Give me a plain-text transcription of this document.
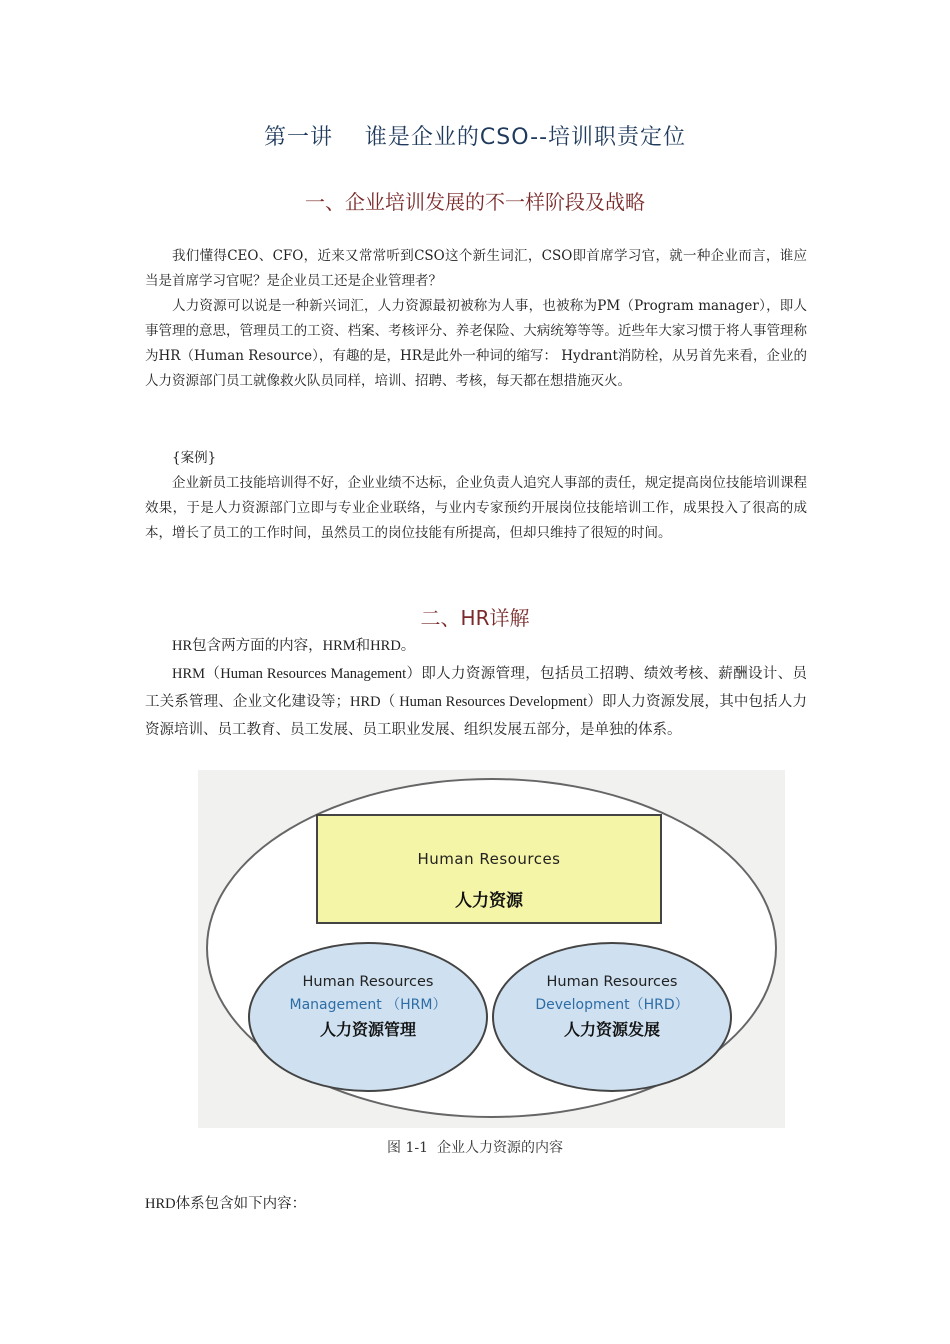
第一讲    谁是企业的CSO--培训职责定位
一、企业培训发展的不一样阶段及战略

我们懂得CEO、CFO，近来又常常听到CSO这个新生词汇，CSO即首席学习官，就一种企业而言，谁应当是首席学习官呢？是企业员工还是企业管理者？

人力资源可以说是一种新兴词汇，人力资源最初被称为人事，也被称为PM（Program manager），即人事管理的意思，管理员工的工资、档案、考核评分、养老保险、大病统筹等等。近些年大家习惯于将人事管理称为HR（Human Resource），有趣的是，HR是此外一种词的缩写： Hydrant消防栓，从另首先来看，企业的人力资源部门员工就像救火队员同样，培训、招聘、考核，每天都在想措施灭火。

{案例}

企业新员工技能培训得不好，企业业绩不达标，企业负责人追究人事部的责任，规定提高岗位技能培训课程效果，于是人力资源部门立即与专业企业联络，与业内专家预约开展岗位技能培训工作，成果投入了很高的成本，增长了员工的工作时间，虽然员工的岗位技能有所提高，但却只维持了很短的时间。

二、HR详解

HR包含两方面的内容，HRM和HRD。

HRM（Human Resources Management）即人力资源管理，包括员工招聘、绩效考核、薪酬设计、员工关系管理、企业文化建设等；HRD（ Human Resources Development）即人力资源发展，其中包括人力资源培训、员工教育、员工发展、员工职业发展、组织发展五部分，是单独的体系。

Human Resources
人力资源
Human Resources
Management （HRM）
人力资源管理
Human Resources
Development（HRD）
人力资源发展
图 1-1  企业人力资源的内容

HRD体系包含如下内容：
